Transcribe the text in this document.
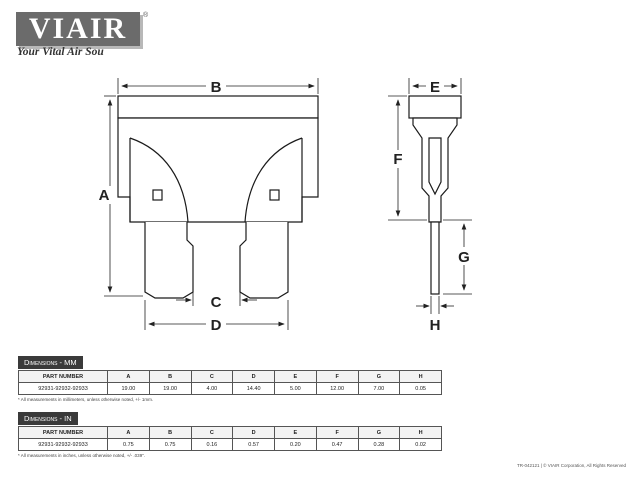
VIAIR	®
Your Vital Air Sou
A
B
C
D
E
F
G
H
Dimensions - MM
PART NUMBER	A	B	C	D	E	F	G	H
92931-92932-92933	19.00	19.00	4.00	14.40	5.00	12.00	7.00	0.05
* All measurements in millimeters, unless otherwise noted, +/- 1mm.
Dimensions - IN
PART NUMBER	A	B	C	D	E	F	G	H
92931-92932-92933	0.75	0.75	0.16	0.57	0.20	0.47	0.28	0.02
* All measurements in inches, unless otherwise noted, +/- .039".
TR-042121 | © VIAIR Corporation, All Rights Reserved
